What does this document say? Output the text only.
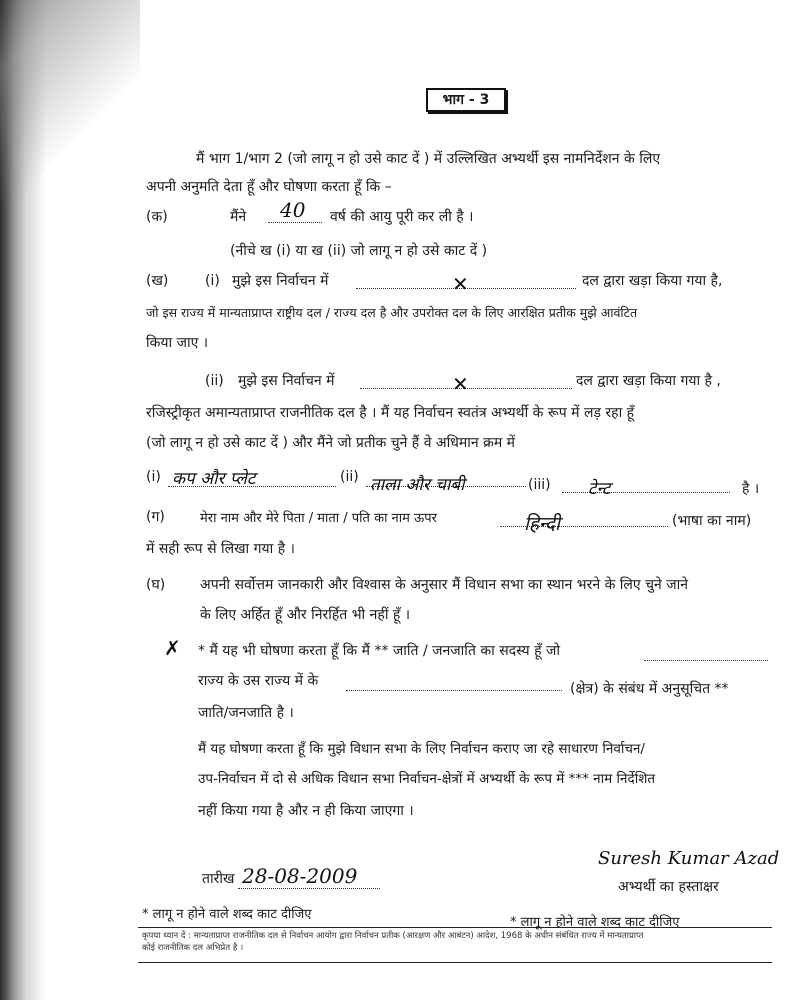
भाग - 3
मैं भाग 1/भाग 2 (जो लागू न हो उसे काट दें ) में उल्लिखित अभ्यर्थी इस नामनिर्देशन के लिए
अपनी अनुमति देता हूँ और घोषणा करता हूँ कि –
(क)	मैंने 40 वर्ष की आयु पूरी कर ली है ।
(नीचे ख (i) या ख (ii) जो लागू न हो उसे काट दें )
(ख)	(i) मुझे इस निर्वाचन में	✕	दल द्वारा खड़ा किया गया है,
जो इस राज्य में मान्यताप्राप्त राष्ट्रीय दल / राज्य दल है और उपरोक्त दल के लिए आरक्षित प्रतीक मुझे आवंटित
किया जाए ।
(ii) मुझे इस निर्वाचन में	✕	दल द्वारा खड़ा किया गया है ,
रजिस्ट्रीकृत अमान्यताप्राप्त राजनीतिक दल है । मैं यह निर्वाचन स्वतंत्र अभ्यर्थी के रूप में लड़ रहा हूँ
(जो लागू न हो उसे काट दें ) और मैंने जो प्रतीक चुने हैं वे अधिमान क्रम में
(i) कप और प्लेट	(ii) ताला और चाबी	(iii) टेन्ट	है ।
(ग)	मेरा नाम और मेरे पिता / माता / पति का नाम ऊपर	हिन्दी	(भाषा का नाम)
में सही रूप से लिखा गया है ।
(घ) अपनी सर्वोत्तम जानकारी और विश्वास के अनुसार मैं विधान सभा का स्थान भरने के लिए चुने जाने
के लिए अर्हित हूँ और निरर्हित भी नहीं हूँ ।
✗ * मैं यह भी घोषणा करता हूँ कि मैं ** जाति / जनजाति का सदस्य हूँ जो
राज्य के उस राज्य में के	(क्षेत्र) के संबंध में अनुसूचित **
जाति/जनजाति है ।
मैं यह घोषणा करता हूँ कि मुझे विधान सभा के लिए निर्वाचन कराए जा रहे साधारण निर्वाचन/
उप-निर्वाचन में दो से अधिक विधान सभा निर्वाचन-क्षेत्रों में अभ्यर्थी के रूप में *** नाम निर्देशित
नहीं किया गया है और न ही किया जाएगा ।
तारीख 28-08-2009
Suresh Kumar Azad
अभ्यर्थी का हस्ताक्षर
* लागू न होने वाले शब्द काट दीजिए
* लागू न होने वाले शब्द काट दीजिए
कृपया ध्यान दें : मान्यताप्राप्त राजनीतिक दल से निर्वाचन आयोग द्वारा निर्वाचन प्रतीक (आरक्षण और आबंटन) आदेश, 1968 के अधीन संबंधित राज्य में मान्यताप्राप्त
कोई राजनीतिक दल अभिप्रेत है ।
